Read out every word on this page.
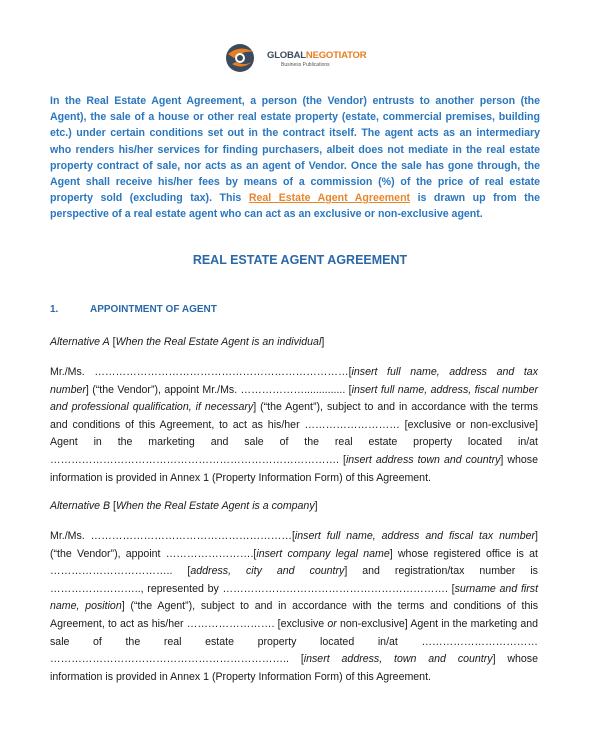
GLOBALNEGOTIATOR
Business Publications
In the Real Estate Agent Agreement, a person (the Vendor) entrusts to another person (the Agent), the sale of a house or other real estate property (estate, commercial premises, building etc.) under certain conditions set out in the contract itself. The agent acts as an intermediary who renders his/her services for finding purchasers, albeit does not mediate in the real estate property contract of sale, nor acts as an agent of Vendor. Once the sale has gone through, the Agent shall receive his/her fees by means of a commission (%) of the price of real estate property sold (excluding tax). This Real Estate Agent Agreement is drawn up from the perspective of a real estate agent who can act as an exclusive or non-exclusive agent.
REAL ESTATE AGENT AGREEMENT
1.	APPOINTMENT OF AGENT
Alternative A [When the Real Estate Agent is an individual]
Mr./Ms. ………………………………………………………………[insert full name, address and tax number] (“the Vendor”), appoint Mr./Ms. ……………….............. [insert full name, address, fiscal number and professional qualification, if necessary] (“the Agent”), subject to and in accordance with the terms and conditions of this Agreement, to act as his/her ……………………… [exclusive or non-exclusive] Agent in the marketing and sale of the real estate property located in/at ………………………………………………………………………. [insert address town and country] whose information is provided in Annex 1 (Property Information Form) of this Agreement.
Alternative B [When the Real Estate Agent is a company]
Mr./Ms. …………………………………………………[insert full name, address and fiscal tax number] (“the Vendor”), appoint …………………….[insert company legal name] whose registered office is at …………………………….. [address, city and country] and registration/tax number is …………………….., represented by ………………………………………………………. [surname and first name, position] (“the Agent”), subject to and in accordance with the terms and conditions of this Agreement, to act as his/her ……………………. [exclusive or non-exclusive] Agent in the marketing and sale of the real estate property located in/at …………………………… ………………………………………………………….. [insert address, town and country] whose information is provided in Annex 1 (Property Information Form) of this Agreement.
